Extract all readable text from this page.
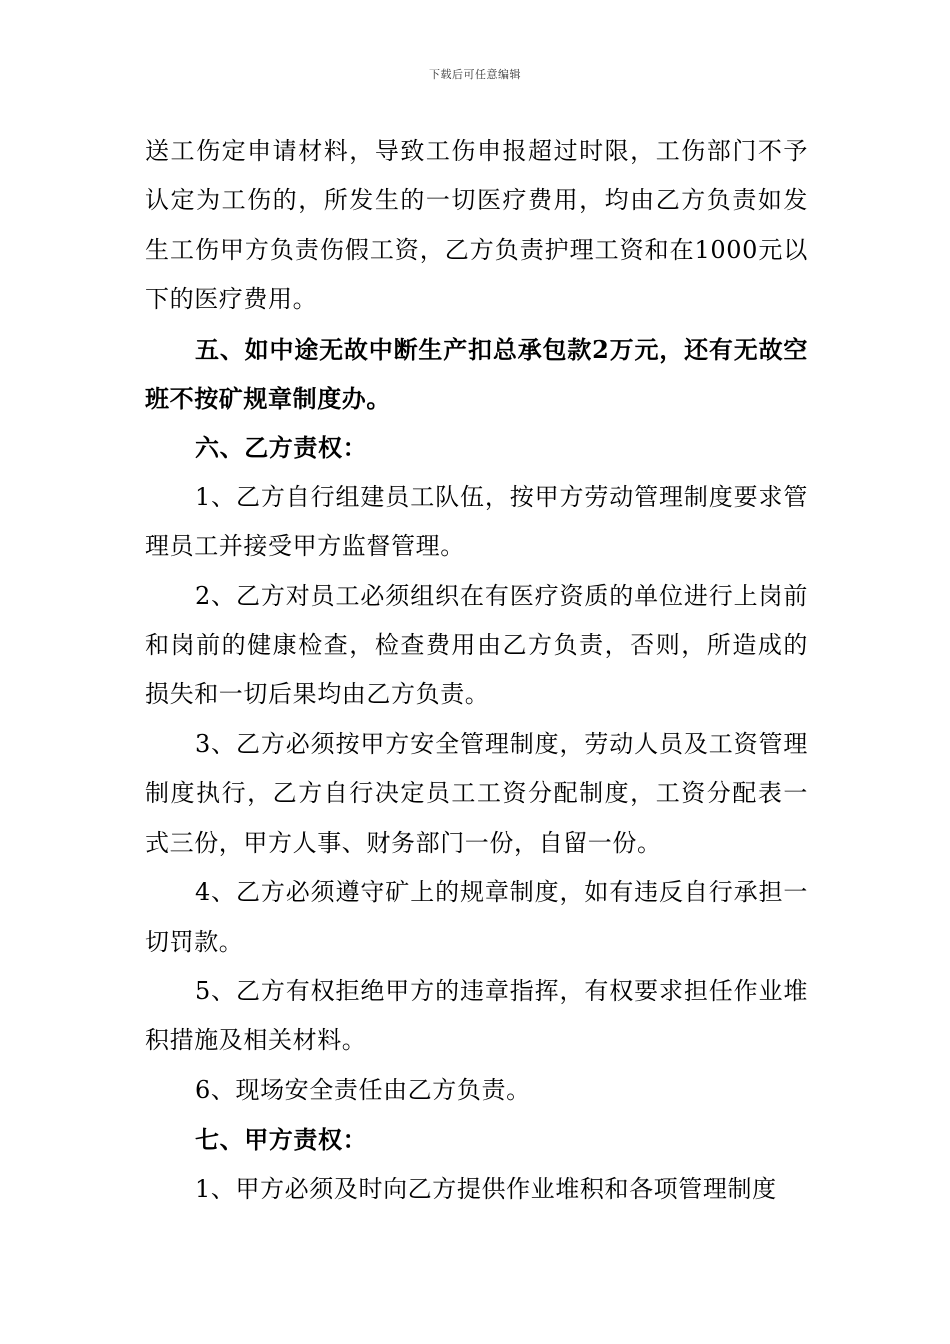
下载后可任意编辑

送工伤定申请材料，导致工伤申报超过时限，工伤部门不予认定为工伤的，所发生的一切医疗费用，均由乙方负责如发生工伤甲方负责伤假工资，乙方负责护理工资和在1000元以下的医疗费用。

五、如中途无故中断生产扣总承包款2万元，还有无故空班不按矿规章制度办。

六、乙方责权：

1、乙方自行组建员工队伍，按甲方劳动管理制度要求管理员工并接受甲方监督管理。

2、乙方对员工必须组织在有医疗资质的单位进行上岗前和岗前的健康检查，检查费用由乙方负责，否则，所造成的损失和一切后果均由乙方负责。

3、乙方必须按甲方安全管理制度，劳动人员及工资管理制度执行，乙方自行决定员工工资分配制度，工资分配表一式三份，甲方人事、财务部门一份，自留一份。

4、乙方必须遵守矿上的规章制度，如有违反自行承担一切罚款。

5、乙方有权拒绝甲方的违章指挥，有权要求担任作业堆积措施及相关材料。

6、现场安全责任由乙方负责。

七、甲方责权：

1、甲方必须及时向乙方提供作业堆积和各项管理制度
